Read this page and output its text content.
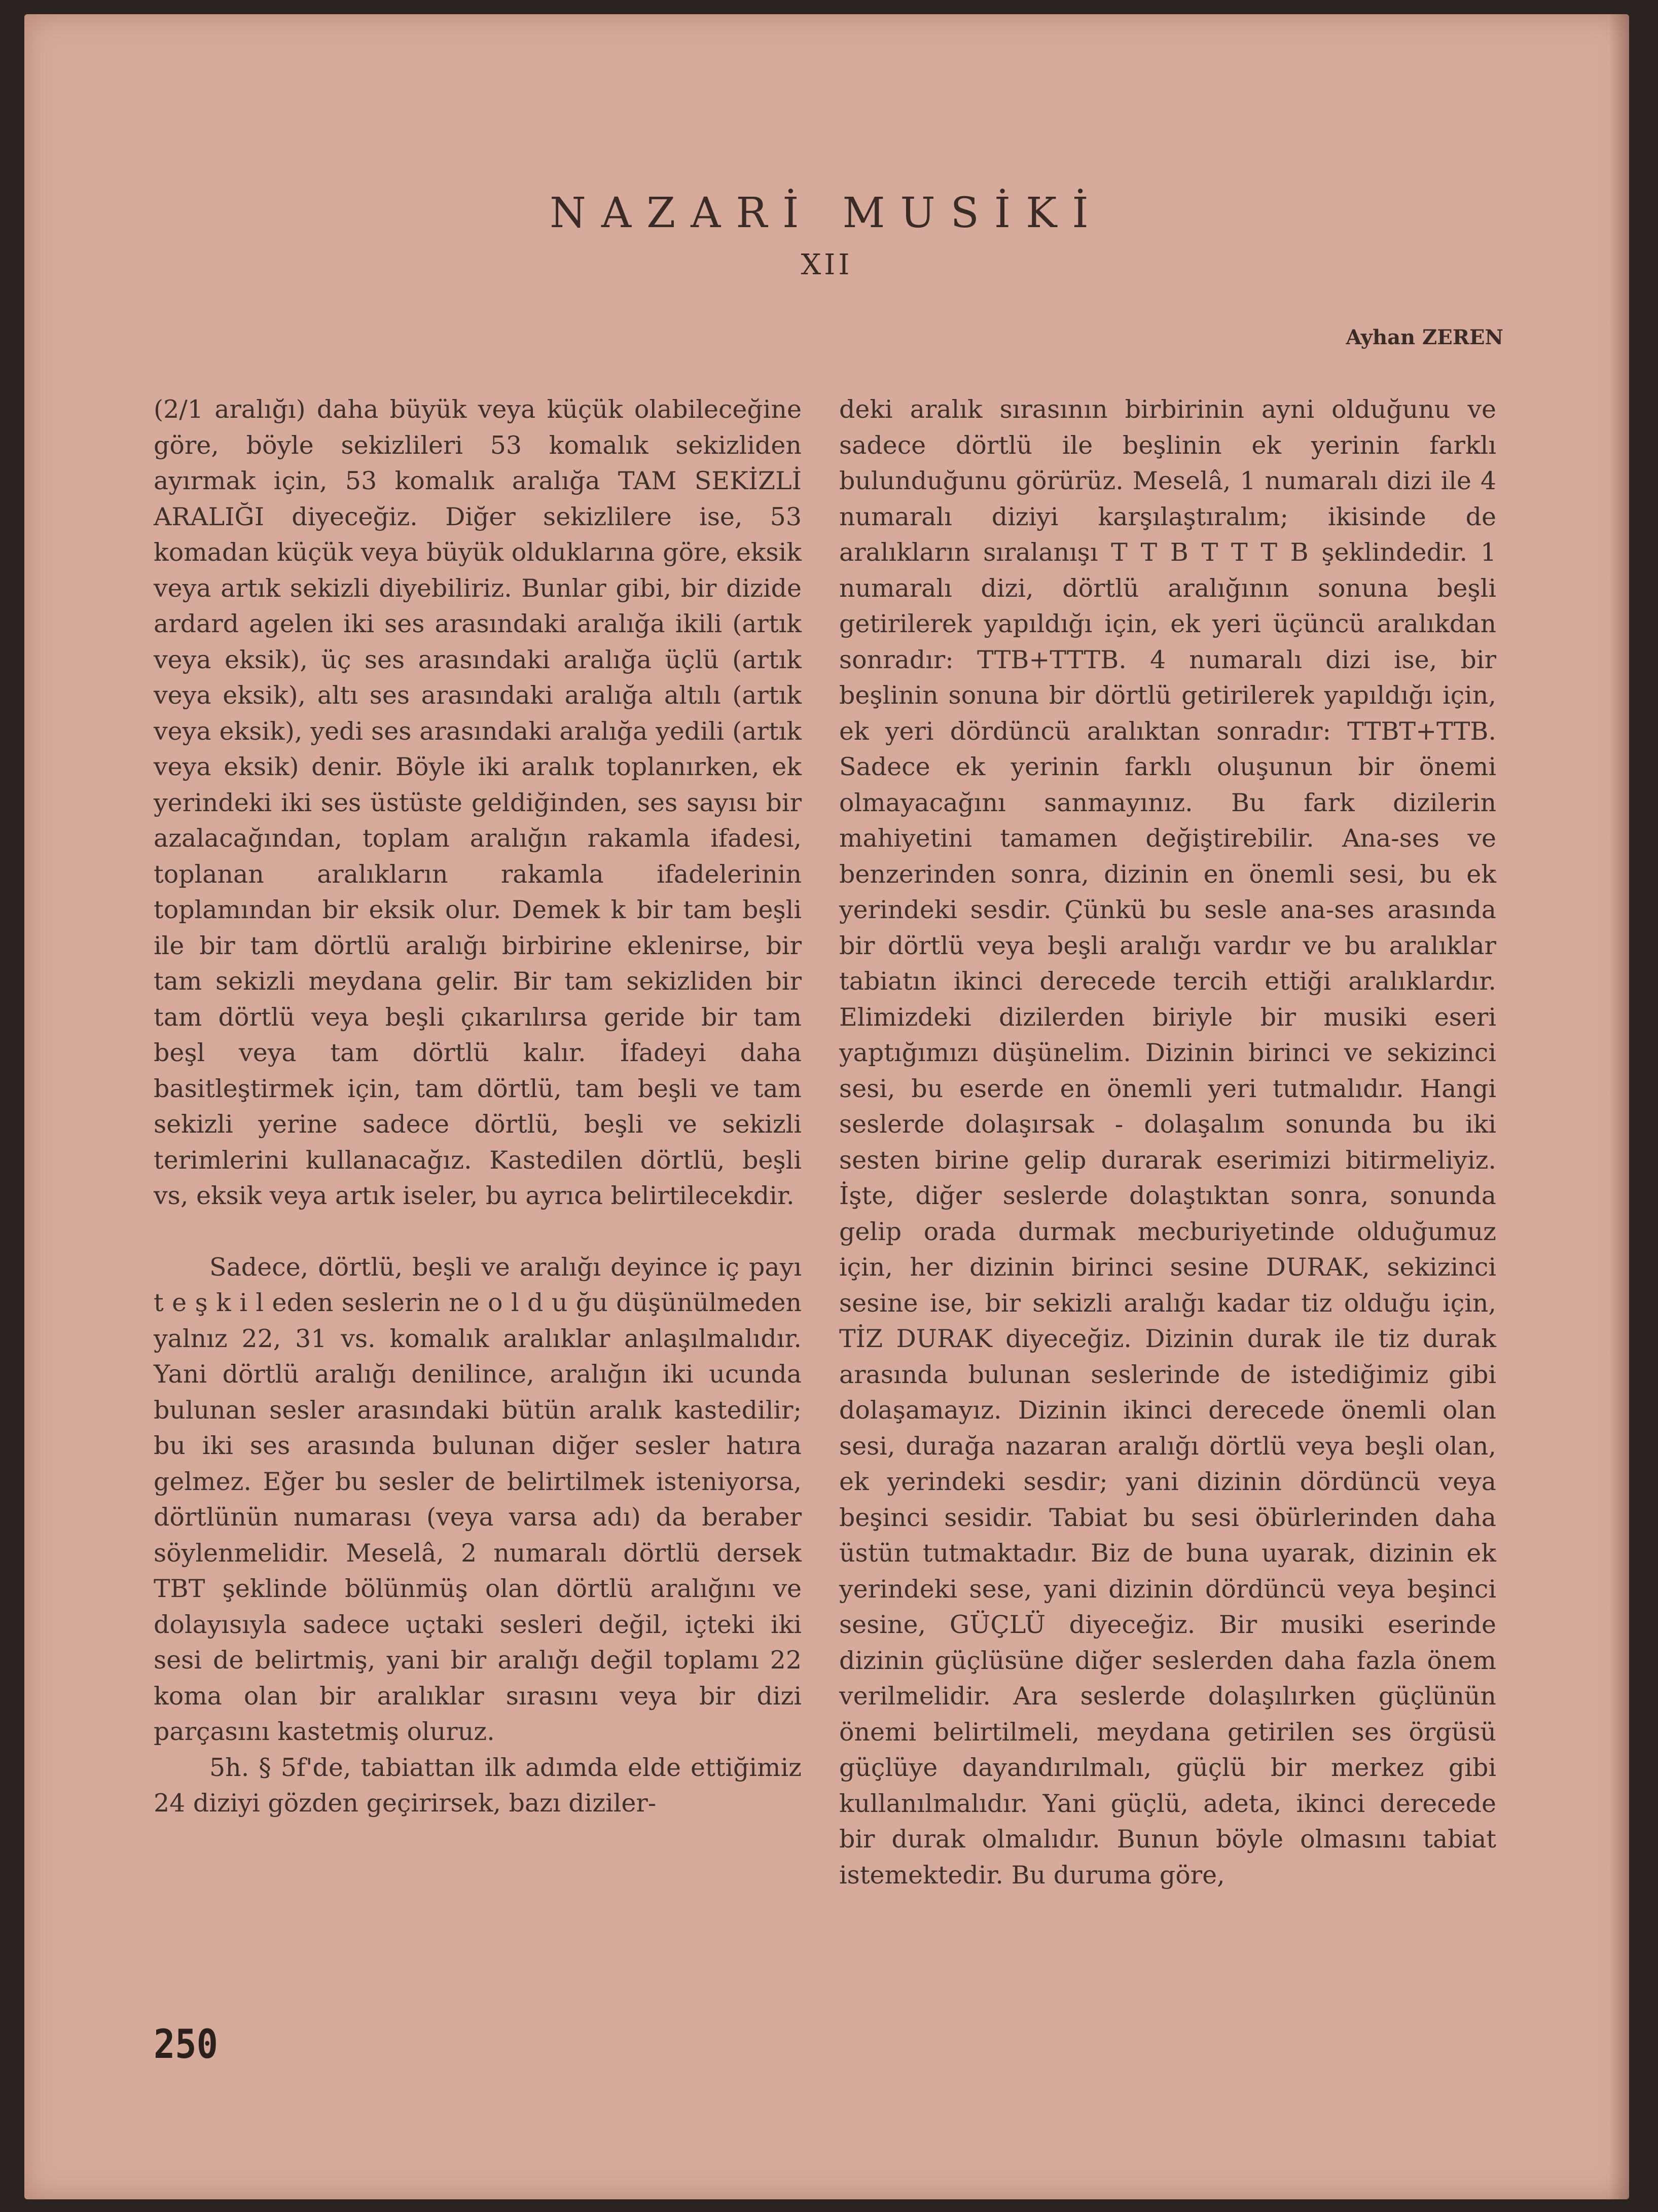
NAZARİ MUSİKİ
XII
Ayhan ZEREN

(2/1 aralığı) daha büyük veya küçük olabileceğine göre, böyle sekizlileri 53 komalık sekizliden ayırmak için, 53 komalık aralığa TAM SEKİZLİ ARALIĞI diyeceğiz. Diğer sekizlilere ise, 53 komadan küçük veya büyük olduklarına göre, eksik veya artık sekizli diyebiliriz. Bunlar gibi, bir dizide ardard agelen iki ses arasındaki aralığa ikili (artık veya eksik), üç ses arasındaki aralığa üçlü (artık veya eksik), altı ses arasındaki aralığa altılı (artık veya eksik), yedi ses arasındaki aralığa yedili (artık veya eksik) denir. Böyle iki aralık toplanırken, ek yerindeki iki ses üstüste geldiğinden, ses sayısı bir azalacağından, toplam aralığın rakamla ifadesi, toplanan aralıkların rakamla ifadelerinin toplamından bir eksik olur. Demek k bir tam beşli ile bir tam dörtlü aralığı birbirine eklenirse, bir tam sekizli meydana gelir. Bir tam sekizliden bir tam dörtlü veya beşli çıkarılırsa geride bir tam beşl veya tam dörtlü kalır. İfadeyi daha basitleştirmek için, tam dörtlü, tam beşli ve tam sekizli yerine sadece dörtlü, beşli ve sekizli terimlerini kullanacağız. Kastedilen dörtlü, beşli vs, eksik veya artık iseler, bu ayrıca belirtilecekdir.

Sadece, dörtlü, beşli ve aralığı deyince iç payı t e ş k i l eden seslerin ne o l d u ğu düşünülmeden yalnız 22, 31 vs. komalık aralıklar anlaşılmalıdır. Yani dörtlü aralığı denilince, aralığın iki ucunda bulunan sesler arasındaki bütün aralık kastedilir; bu iki ses arasında bulunan diğer sesler hatıra gelmez. Eğer bu sesler de belirtilmek isteniyorsa, dörtlünün numarası (veya varsa adı) da beraber söylenmelidir. Meselâ, 2 numaralı dörtlü dersek TBT şeklinde bölünmüş olan dörtlü aralığını ve dolayısıyla sadece uçtaki sesleri değil, içteki iki sesi de belirtmiş, yani bir aralığı değil toplamı 22 koma olan bir aralıklar sırasını veya bir dizi parçasını kastetmiş oluruz.

5h. § 5f'de, tabiattan ilk adımda elde ettiğimiz 24 diziyi gözden geçirirsek, bazı diziler-

deki aralık sırasının birbirinin ayni olduğunu ve sadece dörtlü ile beşlinin ek yerinin farklı bulunduğunu görürüz. Meselâ, 1 numaralı dizi ile 4 numaralı diziyi karşılaştıralım; ikisinde de aralıkların sıralanışı T T B T T T B şeklindedir. 1 numaralı dizi, dörtlü aralığının sonuna beşli getirilerek yapıldığı için, ek yeri üçüncü aralıkdan sonradır: TTB+TTTB. 4 numaralı dizi ise, bir beşlinin sonuna bir dörtlü getirilerek yapıldığı için, ek yeri dördüncü aralıktan sonradır: TTBT+TTB. Sadece ek yerinin farklı oluşunun bir önemi olmayacağını sanmayınız. Bu fark dizilerin mahiyetini tamamen değiştirebilir. Ana-ses ve benzerinden sonra, dizinin en önemli sesi, bu ek yerindeki sesdir. Çünkü bu sesle ana-ses arasında bir dörtlü veya beşli aralığı vardır ve bu aralıklar tabiatın ikinci derecede tercih ettiği aralıklardır. Elimizdeki dizilerden biriyle bir musiki eseri yaptığımızı düşünelim. Dizinin birinci ve sekizinci sesi, bu eserde en önemli yeri tutmalıdır. Hangi seslerde dolaşırsak - dolaşalım sonunda bu iki sesten birine gelip durarak eserimizi bitirmeliyiz. İşte, diğer seslerde dolaştıktan sonra, sonunda gelip orada durmak mecburiyetinde olduğumuz için, her dizinin birinci sesine DURAK, sekizinci sesine ise, bir sekizli aralığı kadar tiz olduğu için, TİZ DURAK diyeceğiz. Dizinin durak ile tiz durak arasında bulunan seslerinde de istediğimiz gibi dolaşamayız. Dizinin ikinci derecede önemli olan sesi, durağa nazaran aralığı dörtlü veya beşli olan, ek yerindeki sesdir; yani dizinin dördüncü veya beşinci sesidir. Tabiat bu sesi öbürlerinden daha üstün tutmaktadır. Biz de buna uyarak, dizinin ek yerindeki sese, yani dizinin dördüncü veya beşinci sesine, GÜÇLÜ diyeceğiz. Bir musiki eserinde dizinin güçlüsüne diğer seslerden daha fazla önem verilmelidir. Ara seslerde dolaşılırken güçlünün önemi belirtilmeli, meydana getirilen ses örgüsü güçlüye dayandırılmalı, güçlü bir merkez gibi kullanılmalıdır. Yani güçlü, adeta, ikinci derecede bir durak olmalıdır. Bunun böyle olmasını tabiat istemektedir. Bu duruma göre,

250
